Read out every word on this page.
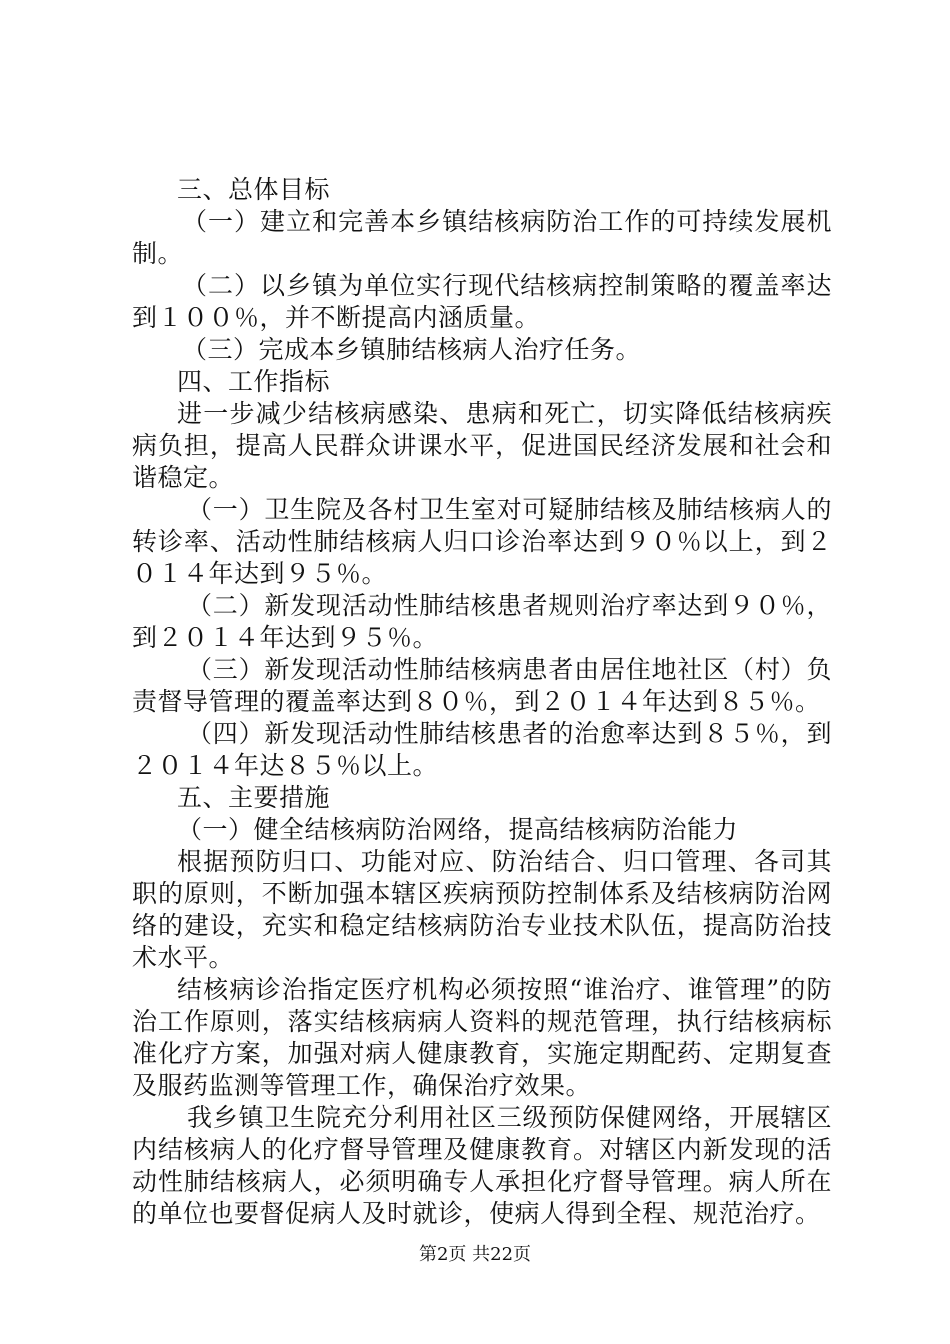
三、总体目标

（一）建立和完善本乡镇结核病防治工作的可持续发展机制。

（二）以乡镇为单位实行现代结核病控制策略的覆盖率达到１００％，并不断提高内涵质量。

（三）完成本乡镇肺结核病人治疗任务。

四、工作指标

进一步减少结核病感染、患病和死亡，切实降低结核病疾病负担，提高人民群众讲课水平，促进国民经济发展和社会和谐稳定。

（一）卫生院及各村卫生室对可疑肺结核及肺结核病人的转诊率、活动性肺结核病人归口诊治率达到９０％以上，到２０１４年达到９５％。

（二）新发现活动性肺结核患者规则治疗率达到９０％，到２０１４年达到９５％。

（三）新发现活动性肺结核病患者由居住地社区（村）负责督导管理的覆盖率达到８０％，到２０１４年达到８５％。

（四）新发现活动性肺结核患者的治愈率达到８５％，到２０１４年达８５％以上。

五、主要措施

（一）健全结核病防治网络，提高结核病防治能力

根据预防归口、功能对应、防治结合、归口管理、各司其职的原则，不断加强本辖区疾病预防控制体系及结核病防治网络的建设，充实和稳定结核病防治专业技术队伍，提高防治技术水平。

结核病诊治指定医疗机构必须按照“谁治疗、谁管理”的防治工作原则，落实结核病病人资料的规范管理，执行结核病标准化疗方案，加强对病人健康教育，实施定期配药、定期复查及服药监测等管理工作，确保治疗效果。

我乡镇卫生院充分利用社区三级预防保健网络，开展辖区内结核病人的化疗督导管理及健康教育。对辖区内新发现的活动性肺结核病人，必须明确专人承担化疗督导管理。病人所在的单位也要督促病人及时就诊，使病人得到全程、规范治疗。

第2页 共22页
